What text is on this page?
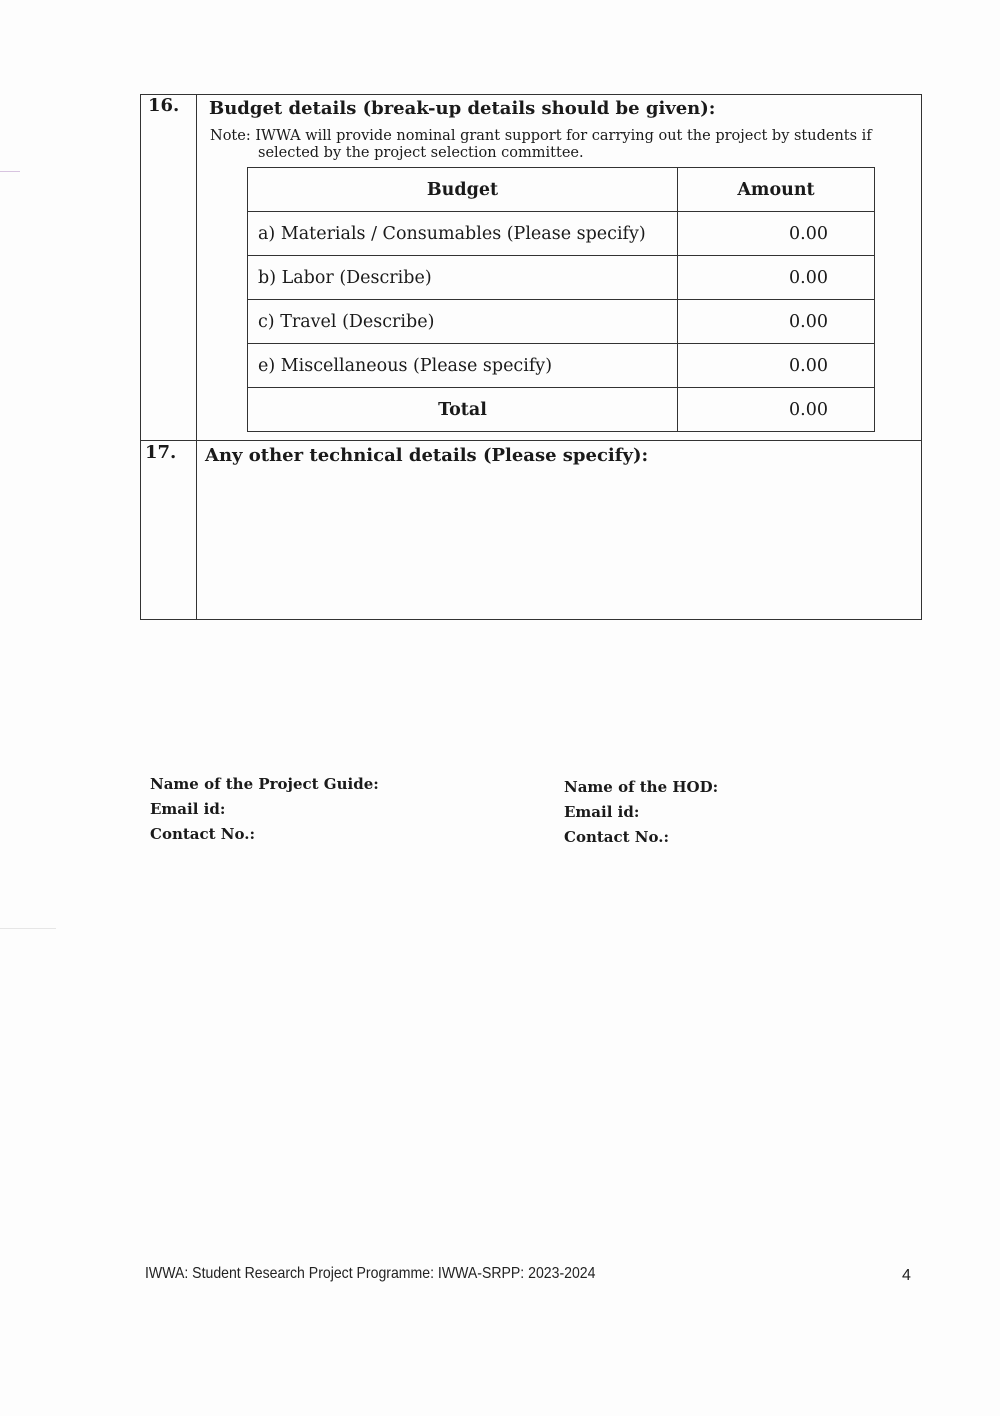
16. Budget details (break-up details should be given):
Note: IWWA will provide nominal grant support for carrying out the project by students if
selected by the project selection committee.
Budget	Amount
a) Materials / Consumables (Please specify)	0.00
b) Labor (Describe)	0.00
c) Travel (Describe)	0.00
e) Miscellaneous (Please specify)	0.00
Total	0.00
17. Any other technical details (Please specify):
Name of the Project Guide:
Email id:
Contact No.:
Name of the HOD:
Email id:
Contact No.:
IWWA: Student Research Project Programme: IWWA-SRPP: 2023-2024	4
